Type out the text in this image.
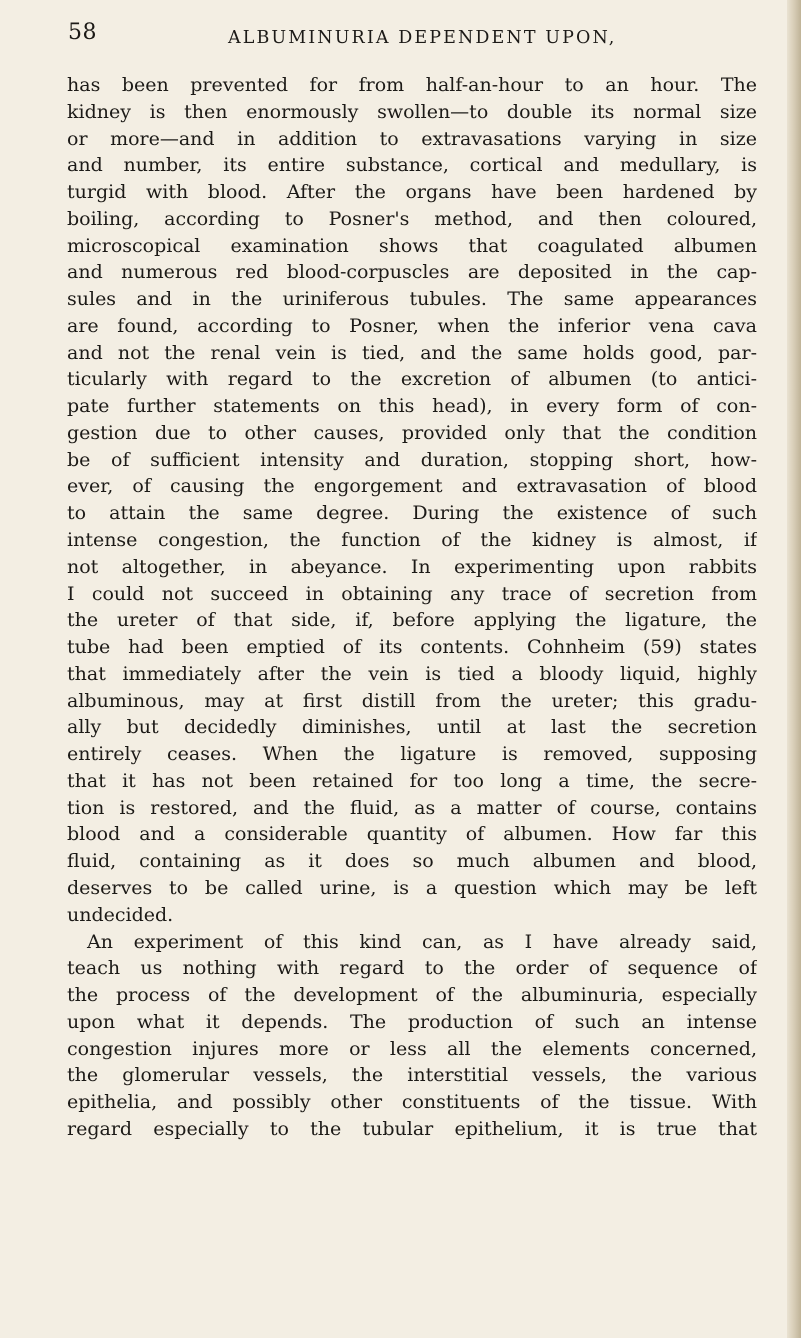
58	ALBUMINURIA DEPENDENT UPON,
has been prevented for from half-an-hour to an hour. The
kidney is then enormously swollen—to double its normal size
or more—and in addition to extravasations varying in size
and number, its entire substance, cortical and medullary, is
turgid with blood. After the organs have been hardened by
boiling, according to Posner's method, and then coloured,
microscopical examination shows that coagulated albumen
and numerous red blood-corpuscles are deposited in the cap-
sules and in the uriniferous tubules. The same appearances
are found, according to Posner, when the inferior vena cava
and not the renal vein is tied, and the same holds good, par-
ticularly with regard to the excretion of albumen (to antici-
pate further statements on this head), in every form of con-
gestion due to other causes, provided only that the condition
be of sufficient intensity and duration, stopping short, how-
ever, of causing the engorgement and extravasation of blood
to attain the same degree. During the existence of such
intense congestion, the function of the kidney is almost, if
not altogether, in abeyance. In experimenting upon rabbits
I could not succeed in obtaining any trace of secretion from
the ureter of that side, if, before applying the ligature, the
tube had been emptied of its contents. Cohnheim (59) states
that immediately after the vein is tied a bloody liquid, highly
albuminous, may at first distill from the ureter; this gradu-
ally but decidedly diminishes, until at last the secretion
entirely ceases. When the ligature is removed, supposing
that it has not been retained for too long a time, the secre-
tion is restored, and the fluid, as a matter of course, contains
blood and a considerable quantity of albumen. How far this
fluid, containing as it does so much albumen and blood,
deserves to be called urine, is a question which may be left
undecided.
An experiment of this kind can, as I have already said,
teach us nothing with regard to the order of sequence of
the process of the development of the albuminuria, especially
upon what it depends. The production of such an intense
congestion injures more or less all the elements concerned,
the glomerular vessels, the interstitial vessels, the various
epithelia, and possibly other constituents of the tissue. With
regard especially to the tubular epithelium, it is true that
